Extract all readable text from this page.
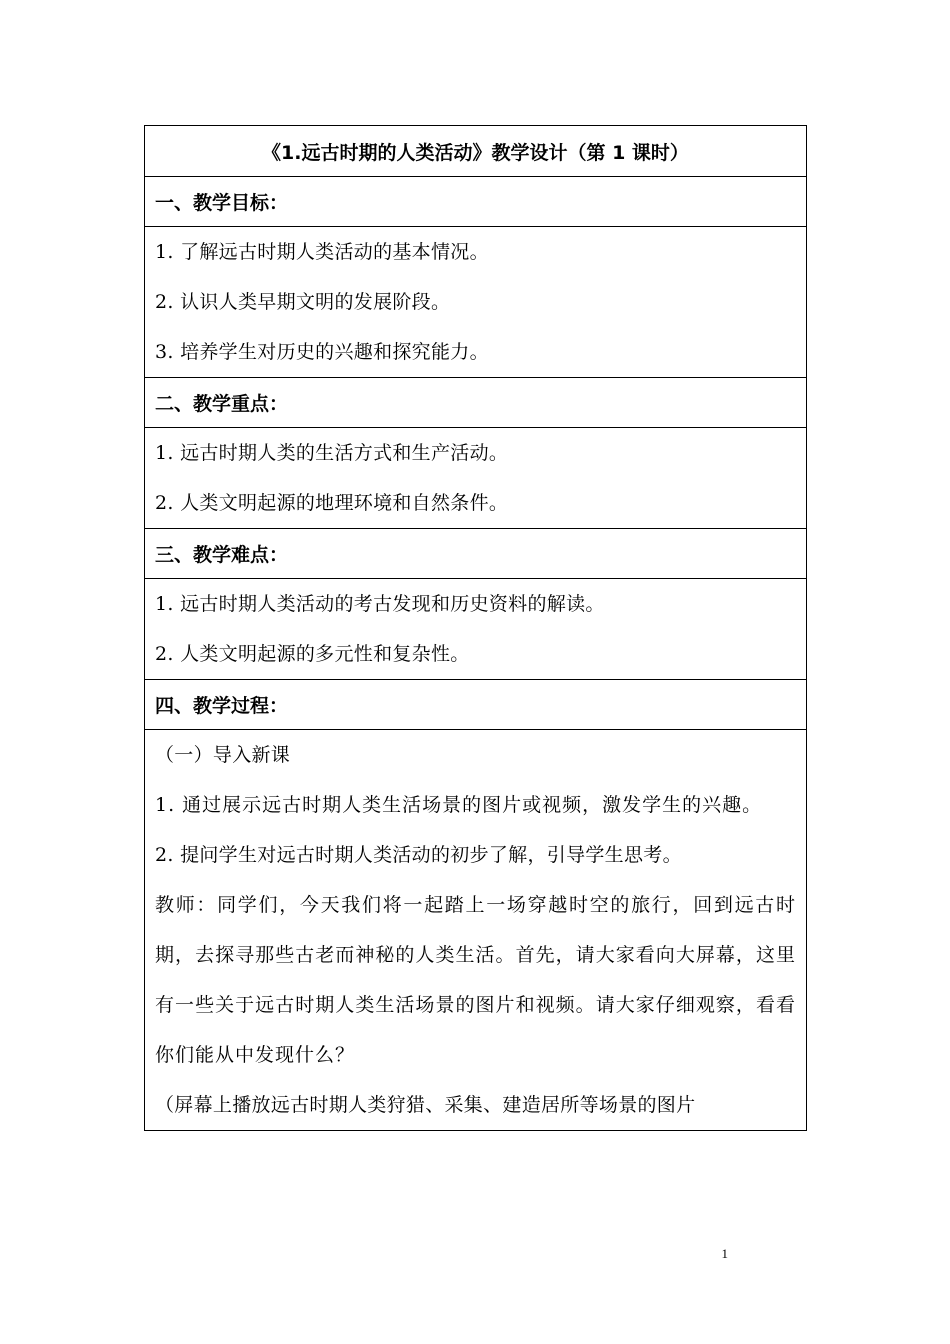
《1.远古时期的人类活动》教学设计（第 1 课时）
一、教学目标：
1. 了解远古时期人类活动的基本情况。
2. 认识人类早期文明的发展阶段。
3. 培养学生对历史的兴趣和探究能力。
二、教学重点：
1. 远古时期人类的生活方式和生产活动。
2. 人类文明起源的地理环境和自然条件。
三、教学难点：
1. 远古时期人类活动的考古发现和历史资料的解读。
2. 人类文明起源的多元性和复杂性。
四、教学过程：
（一）导入新课
1. 通过展示远古时期人类生活场景的图片或视频，激发学生的兴趣。
2. 提问学生对远古时期人类活动的初步了解，引导学生思考。
教师：同学们，今天我们将一起踏上一场穿越时空的旅行，回到远古时期，去探寻那些古老而神秘的人类生活。首先，请大家看向大屏幕，这里有一些关于远古时期人类生活场景的图片和视频。请大家仔细观察，看看你们能从中发现什么？
（屏幕上播放远古时期人类狩猎、采集、建造居所等场景的图片
1
